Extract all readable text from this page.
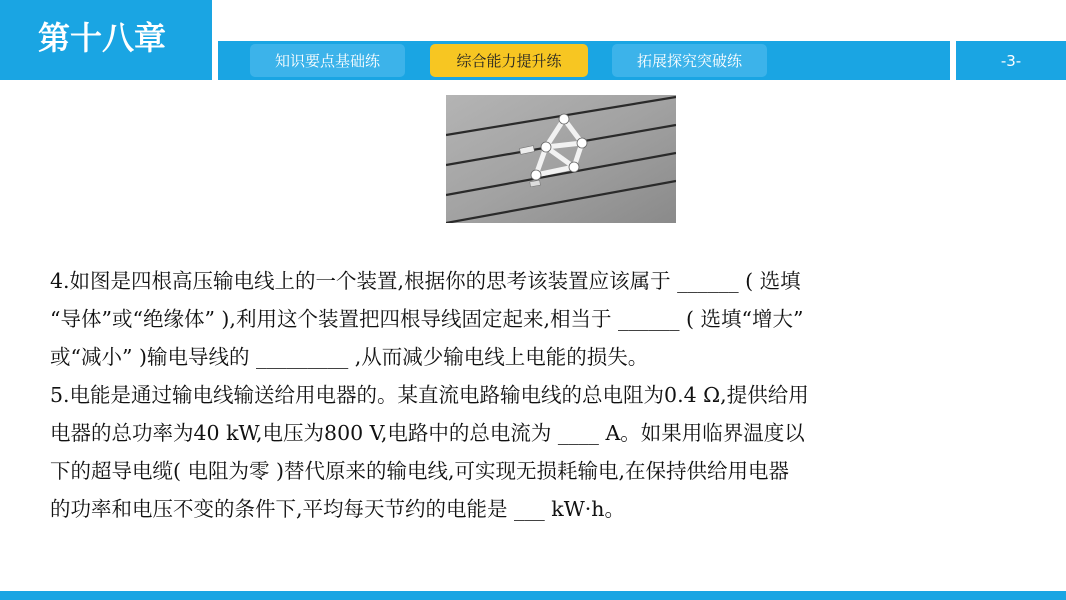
第十八章
知识要点基础练	综合能力提升练	拓展探究突破练	-3-

4.如图是四根高压输电线上的一个装置,根据你的思考该装置应该属于 ______ ( 选填

“导体”或“绝缘体” ),利用这个装置把四根导线固定起来,相当于 ______ ( 选填“增大”

或“减小” )输电导线的 _________ ,从而减少输电线上电能的损失。

5.电能是通过输电线输送给用电器的。某直流电路输电线的总电阻为0.4 Ω,提供给用

电器的总功率为40 kW,电压为800 V,电路中的总电流为 ____ A。如果用临界温度以

下的超导电缆( 电阻为零 )替代原来的输电线,可实现无损耗输电,在保持供给用电器

的功率和电压不变的条件下,平均每天节约的电能是 ___ kW·h。
